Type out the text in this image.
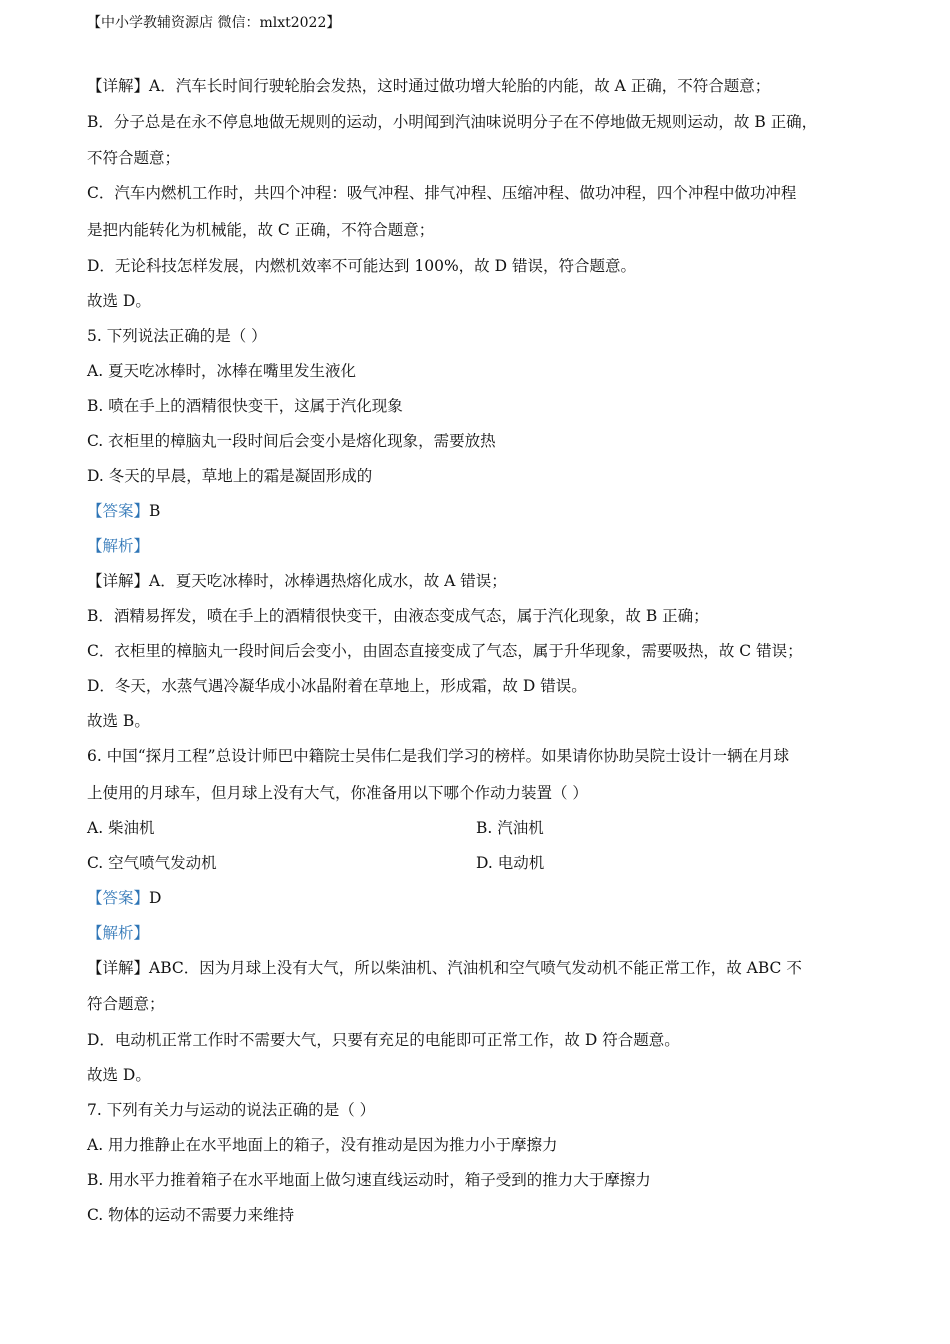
【中小学教辅资源店 微信：mlxt2022】
【详解】A．汽车长时间行驶轮胎会发热，这时通过做功增大轮胎的内能，故 A 正确，不符合题意；
B．分子总是在永不停息地做无规则的运动，小明闻到汽油味说明分子在不停地做无规则运动，故 B 正确，
不符合题意；
C．汽车内燃机工作时，共四个冲程：吸气冲程、排气冲程、压缩冲程、做功冲程，四个冲程中做功冲程
是把内能转化为机械能，故 C 正确，不符合题意；
D．无论科技怎样发展，内燃机效率不可能达到 100%，故 D 错误，符合题意。
故选 D。
5. 下列说法正确的是（ ）
A. 夏天吃冰棒时，冰棒在嘴里发生液化
B. 喷在手上的酒精很快变干，这属于汽化现象
C. 衣柜里的樟脑丸一段时间后会变小是熔化现象，需要放热
D. 冬天的早晨，草地上的霜是凝固形成的
【答案】B
【解析】
【详解】A．夏天吃冰棒时，冰棒遇热熔化成水，故 A 错误；
B．酒精易挥发，喷在手上的酒精很快变干，由液态变成气态，属于汽化现象，故 B 正确；
C．衣柜里的樟脑丸一段时间后会变小，由固态直接变成了气态，属于升华现象，需要吸热，故 C 错误；
D．冬天，水蒸气遇冷凝华成小冰晶附着在草地上，形成霜，故 D 错误。
故选 B。
6. 中国“探月工程”总设计师巴中籍院士吴伟仁是我们学习的榜样。如果请你协助吴院士设计一辆在月球
上使用的月球车，但月球上没有大气，你准备用以下哪个作动力装置（ ）
A. 柴油机	B. 汽油机
C. 空气喷气发动机	D. 电动机
【答案】D
【解析】
【详解】ABC．因为月球上没有大气，所以柴油机、汽油机和空气喷气发动机不能正常工作，故 ABC 不
符合题意；
D．电动机正常工作时不需要大气，只要有充足的电能即可正常工作，故 D 符合题意。
故选 D。
7. 下列有关力与运动的说法正确的是（ ）
A. 用力推静止在水平地面上的箱子，没有推动是因为推力小于摩擦力
B. 用水平力推着箱子在水平地面上做匀速直线运动时，箱子受到的推力大于摩擦力
C. 物体的运动不需要力来维持
